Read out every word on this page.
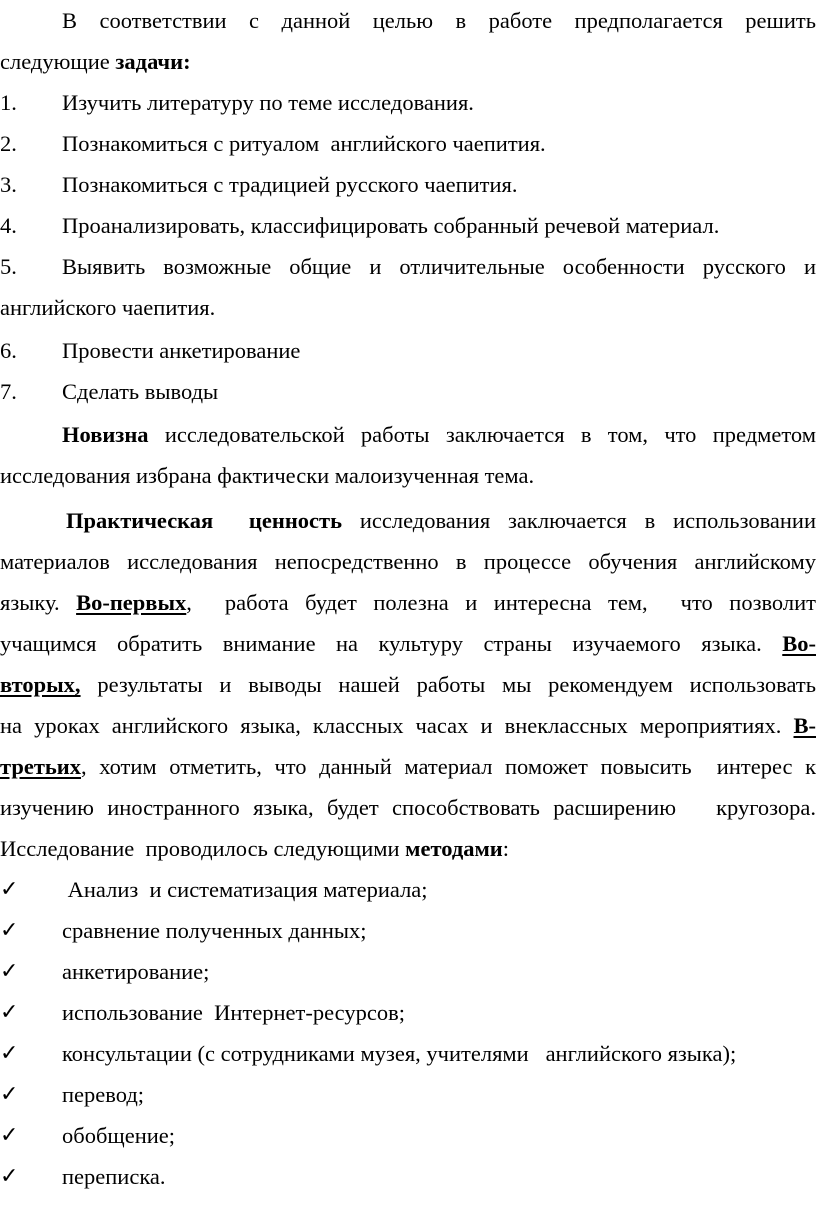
В соответствии с данной целью в работе предполагается решить
следующие задачи:
1.	Изучить литературу по теме исследования.
2.	Познакомиться с ритуалом  английского чаепития.
3.	Познакомиться с традицией русского чаепития.
4.	Проанализировать, классифицировать собранный речевой материал.
5.	Выявить возможные общие и отличительные особенности русского и
английского чаепития.
6.	Провести анкетирование
7.	Сделать выводы
Новизна исследовательской работы заключается в том, что предметом
исследования избрана фактически малоизученная тема.
Практическая  ценность исследования заключается в использовании
материалов исследования непосредственно в процессе обучения английскому
языку. Во-первых,  работа будет полезна и интересна тем,  что позволит
учащимся обратить внимание на культуру страны изучаемого языка. Во-
вторых, результаты и выводы нашей работы мы рекомендуем использовать
на уроках английского языка, классных часах и внеклассных мероприятиях. В-
третьих, хотим отметить, что данный материал поможет повысить  интерес к
изучению иностранного языка, будет способствовать расширению   кругозора.
Исследование  проводилось следующими методами:
✓ Анализ  и систематизация материала;
✓ сравнение полученных данных;
✓ анкетирование;
✓ использование  Интернет-ресурсов;
✓ консультации (с сотрудниками музея, учителями   английского языка);
✓ перевод;
✓ обобщение;
✓ переписка.
